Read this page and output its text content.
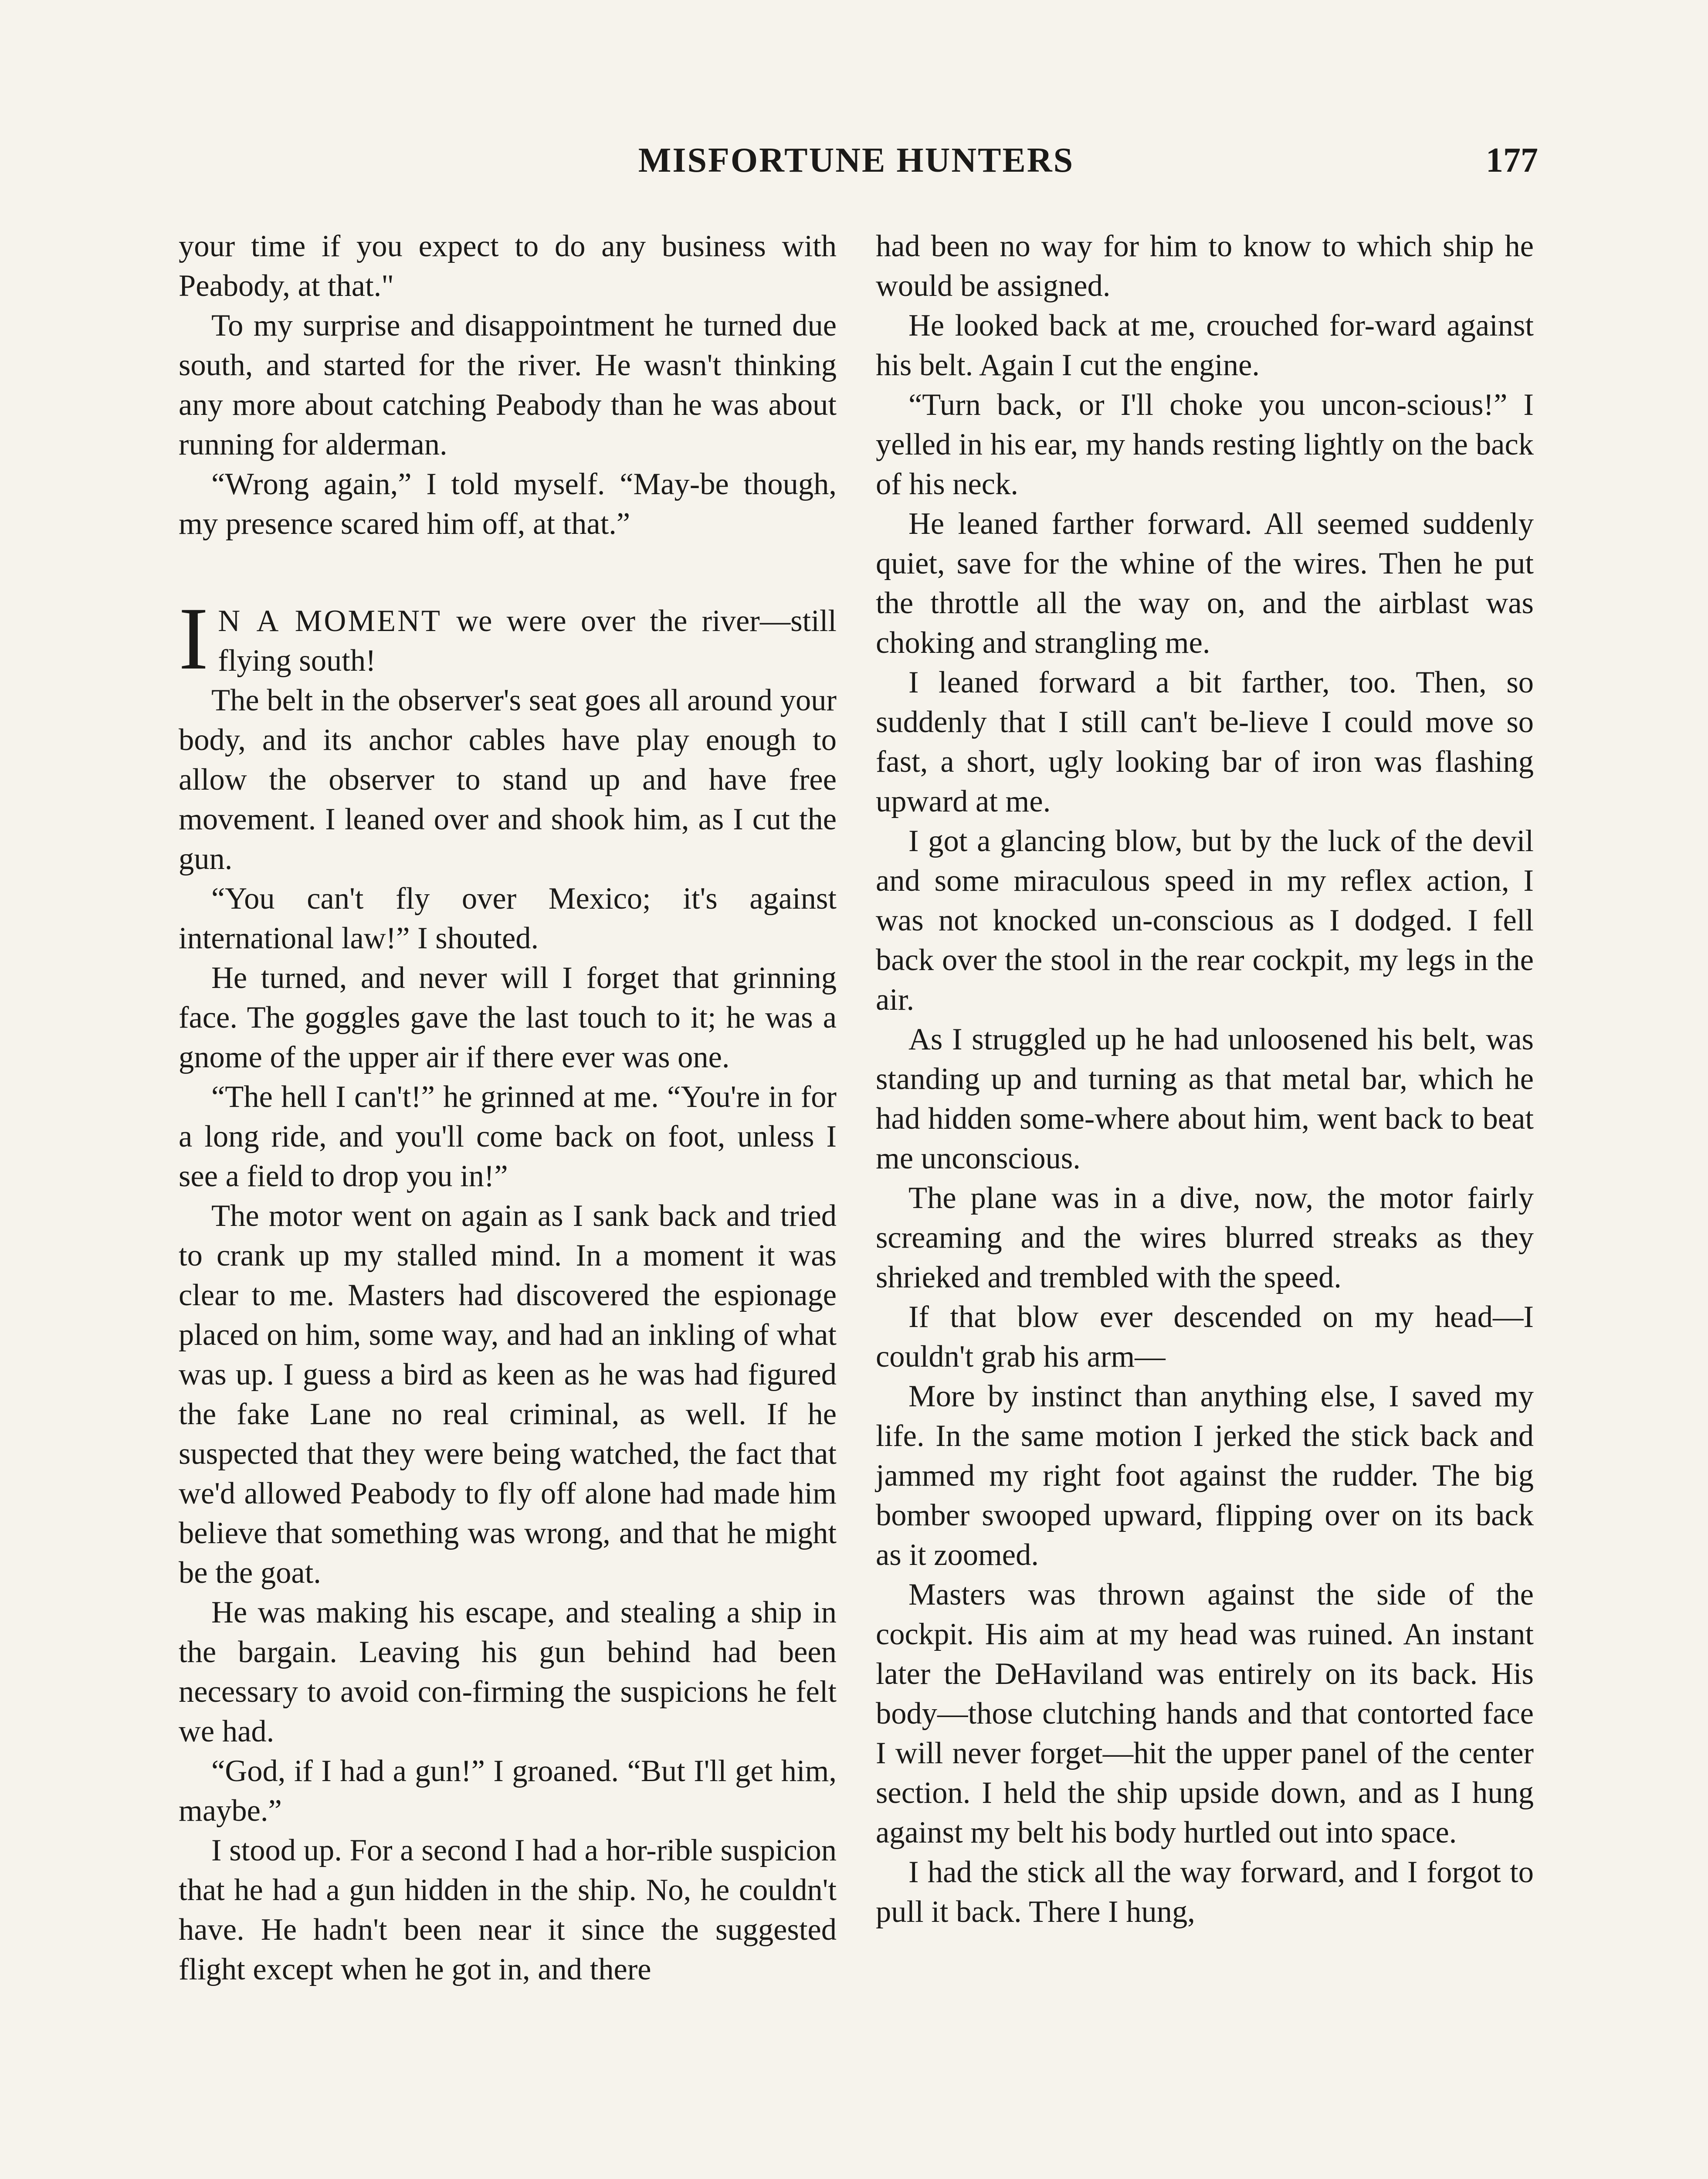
MISFORTUNE HUNTERS	177

your time if you expect to do any business with Peabody, at that."

To my surprise and disappointment he turned due south, and started for the river. He wasn't thinking any more about catching Peabody than he was about running for alderman.

“Wrong again,” I told myself. “May-be though, my presence scared him off, at that.”

I N A MOMENT we were over the river—still flying south!

The belt in the observer's seat goes all around your body, and its anchor cables have play enough to allow the observer to stand up and have free movement. I leaned over and shook him, as I cut the gun.

“You can't fly over Mexico; it's against international law!” I shouted.

He turned, and never will I forget that grinning face. The goggles gave the last touch to it; he was a gnome of the upper air if there ever was one.

“The hell I can't!” he grinned at me. “You're in for a long ride, and you'll come back on foot, unless I see a field to drop you in!”

The motor went on again as I sank back and tried to crank up my stalled mind. In a moment it was clear to me. Masters had discovered the espionage placed on him, some way, and had an inkling of what was up. I guess a bird as keen as he was had figured the fake Lane no real criminal, as well. If he suspected that they were being watched, the fact that we'd allowed Peabody to fly off alone had made him believe that something was wrong, and that he might be the goat.

He was making his escape, and stealing a ship in the bargain. Leaving his gun behind had been necessary to avoid con-firming the suspicions he felt we had.

“God, if I had a gun!” I groaned. “But I'll get him, maybe.”

I stood up. For a second I had a hor-rible suspicion that he had a gun hidden in the ship. No, he couldn't have. He hadn't been near it since the suggested flight except when he got in, and there

had been no way for him to know to which ship he would be assigned.

He looked back at me, crouched for-ward against his belt. Again I cut the engine.

“Turn back, or I'll choke you uncon-scious!” I yelled in his ear, my hands resting lightly on the back of his neck.

He leaned farther forward. All seemed suddenly quiet, save for the whine of the wires. Then he put the throttle all the way on, and the airblast was choking and strangling me.

I leaned forward a bit farther, too. Then, so suddenly that I still can't be-lieve I could move so fast, a short, ugly looking bar of iron was flashing upward at me.

I got a glancing blow, but by the luck of the devil and some miraculous speed in my reflex action, I was not knocked un-conscious as I dodged. I fell back over the stool in the rear cockpit, my legs in the air.

As I struggled up he had unloosened his belt, was standing up and turning as that metal bar, which he had hidden some-where about him, went back to beat me unconscious.

The plane was in a dive, now, the motor fairly screaming and the wires blurred streaks as they shrieked and trembled with the speed.

If that blow ever descended on my head—I couldn't grab his arm—

More by instinct than anything else, I saved my life. In the same motion I jerked the stick back and jammed my right foot against the rudder. The big bomber swooped upward, flipping over on its back as it zoomed.

Masters was thrown against the side of the cockpit. His aim at my head was ruined. An instant later the DeHaviland was entirely on its back. His body—those clutching hands and that contorted face I will never forget—hit the upper panel of the center section. I held the ship upside down, and as I hung against my belt his body hurtled out into space.

I had the stick all the way forward, and I forgot to pull it back. There I hung,
